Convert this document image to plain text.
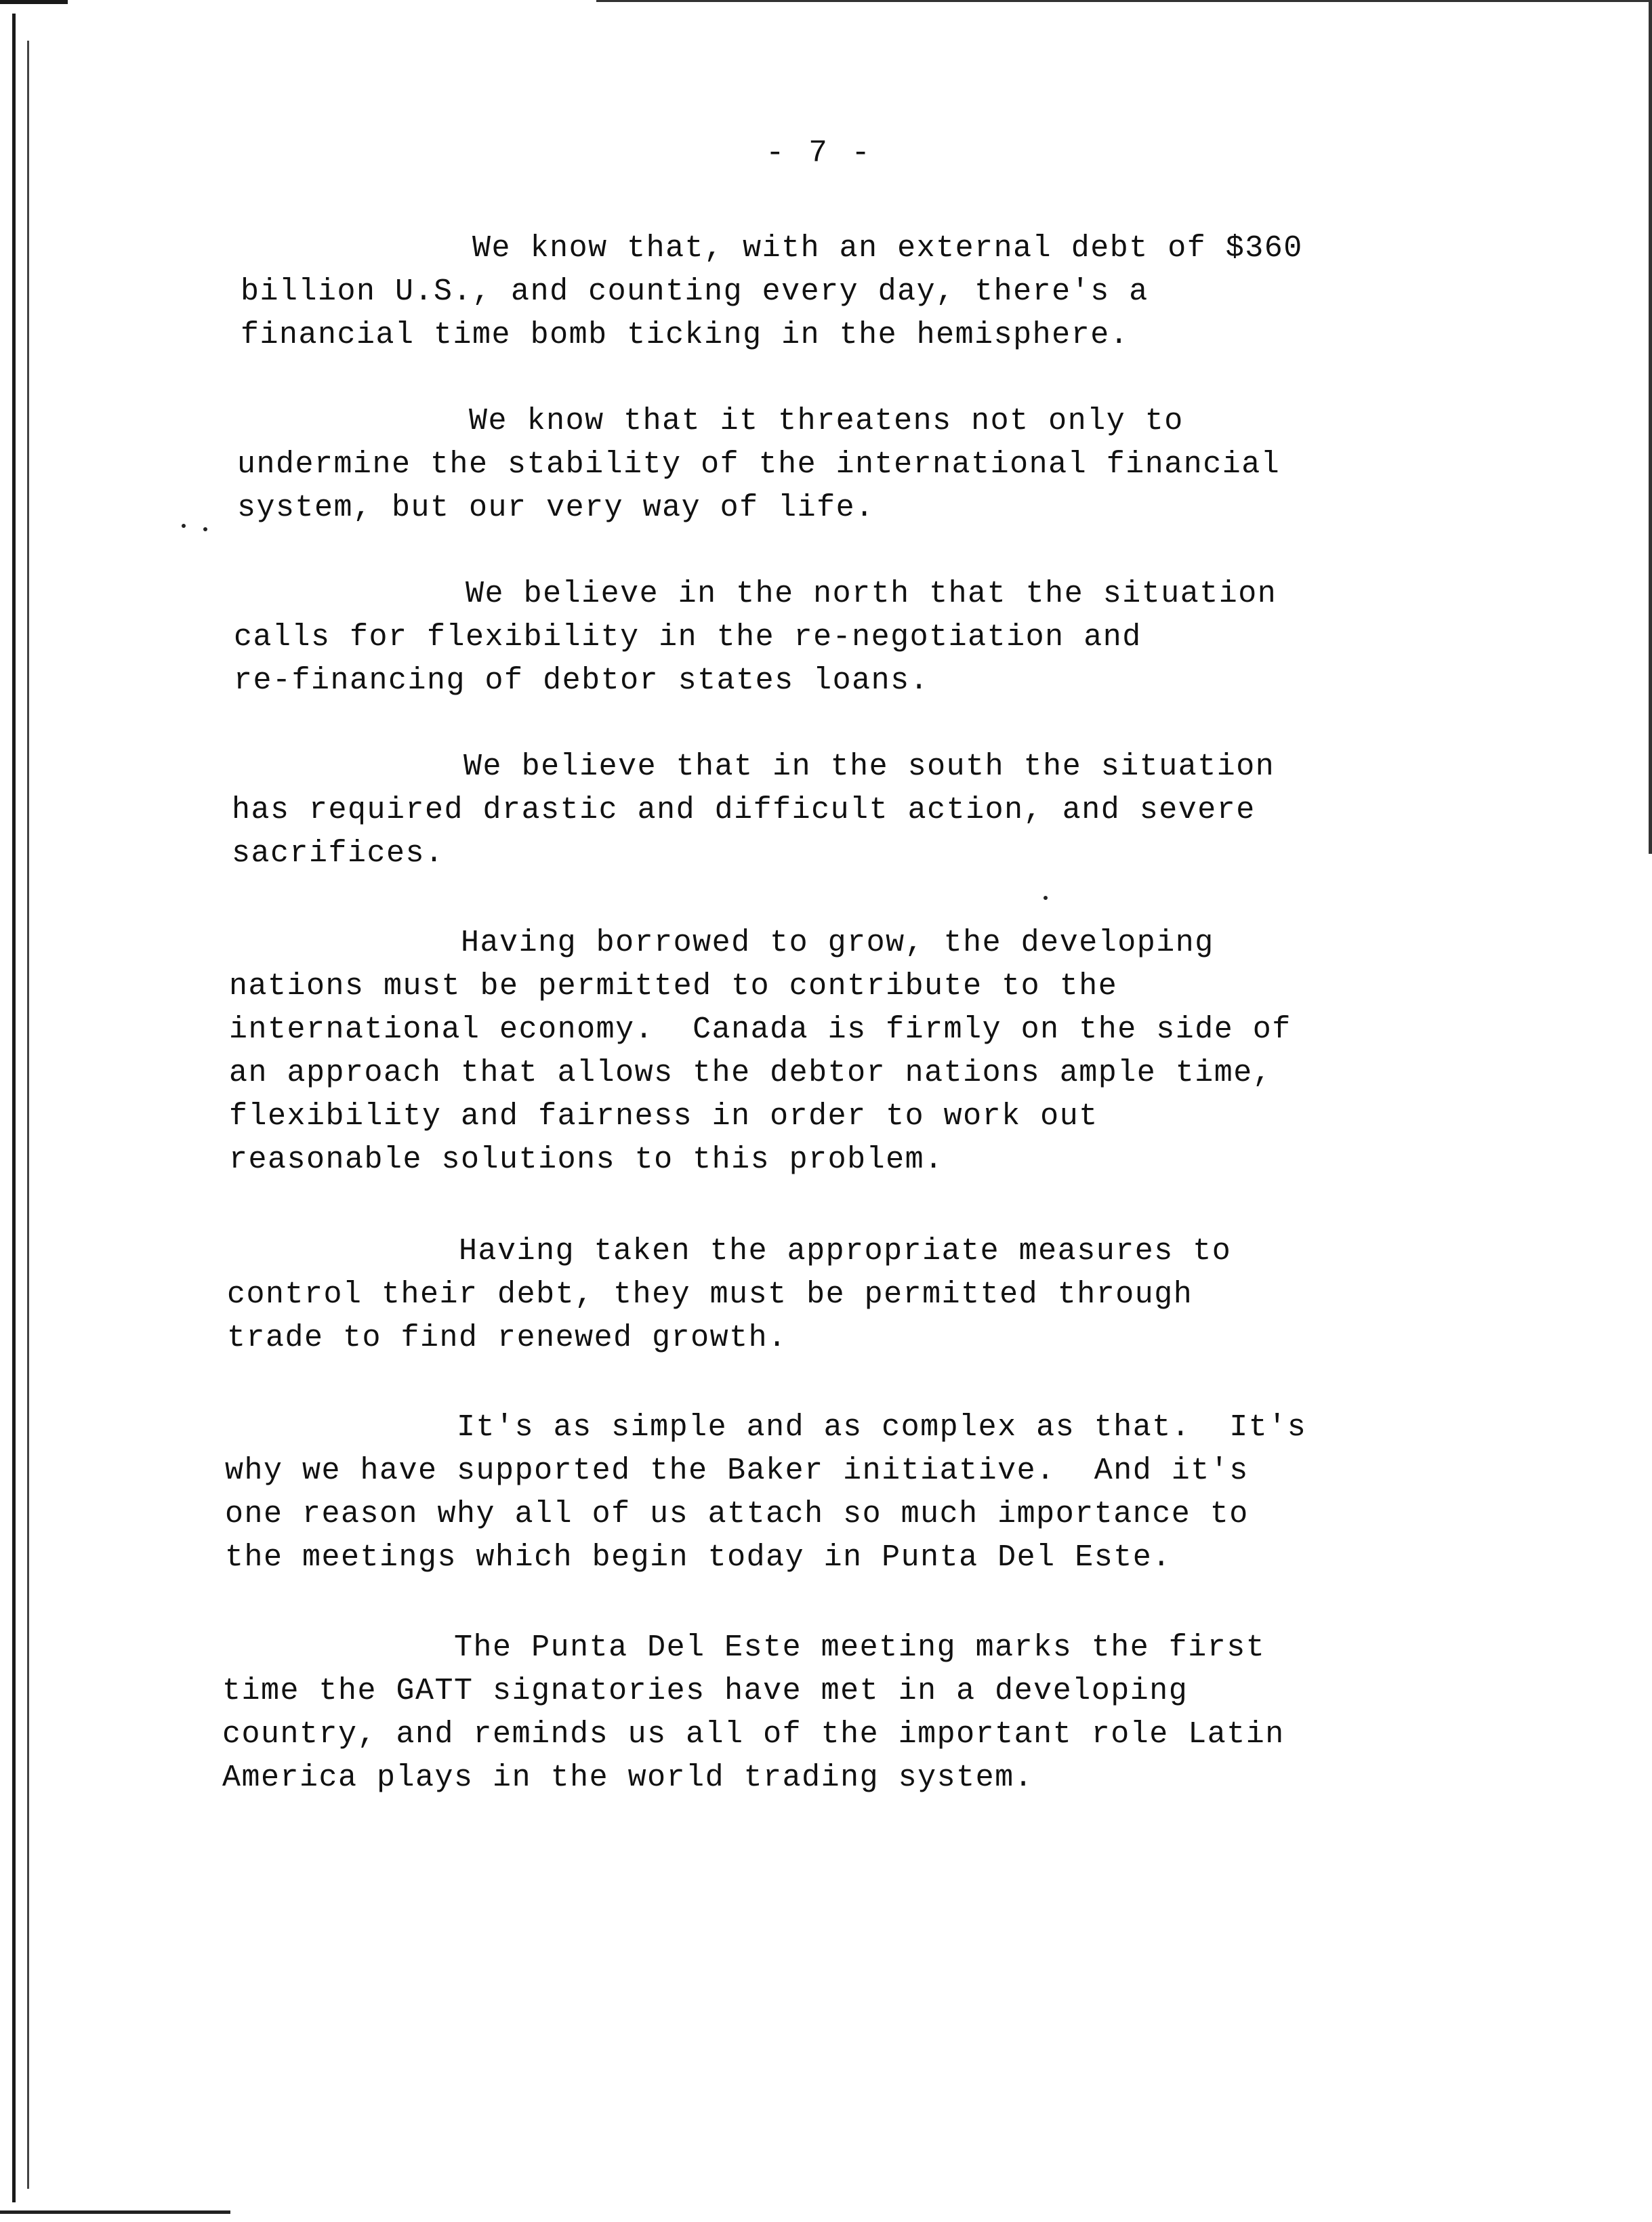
- 7 -

We know that, with an external debt of $360
billion U.S., and counting every day, there's a
financial time bomb ticking in the hemisphere.

We know that it threatens not only to
undermine the stability of the international financial
system, but our very way of life.

We believe in the north that the situation
calls for flexibility in the re-negotiation and
re-financing of debtor states loans.

We believe that in the south the situation
has required drastic and difficult action, and severe
sacrifices.

Having borrowed to grow, the developing
nations must be permitted to contribute to the
international economy.  Canada is firmly on the side of
an approach that allows the debtor nations ample time,
flexibility and fairness in order to work out
reasonable solutions to this problem.

Having taken the appropriate measures to
control their debt, they must be permitted through
trade to find renewed growth.

It's as simple and as complex as that.  It's
why we have supported the Baker initiative.  And it's
one reason why all of us attach so much importance to
the meetings which begin today in Punta Del Este.

The Punta Del Este meeting marks the first
time the GATT signatories have met in a developing
country, and reminds us all of the important role Latin
America plays in the world trading system.
